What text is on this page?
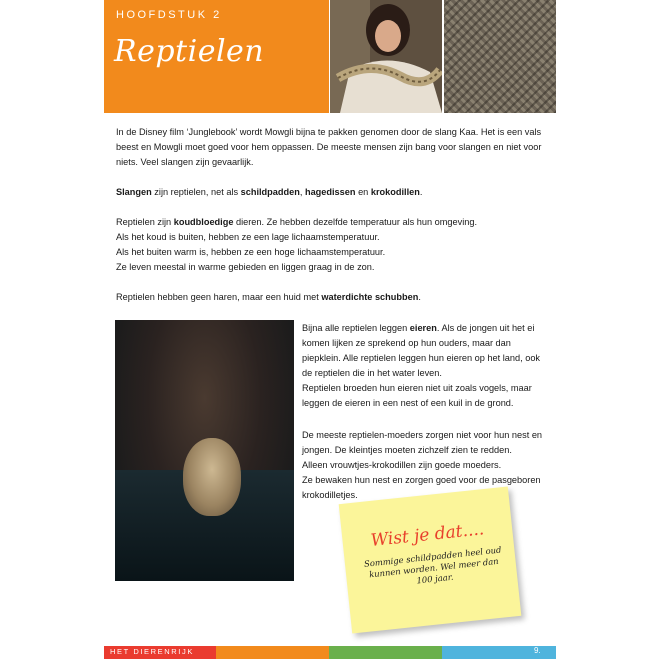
HOOFDSTUK 2
Reptielen
In de Disney film ‘Junglebook’ wordt Mowgli bijna te pakken genomen door de slang Kaa. Het is een vals beest en Mowgli moet goed voor hem oppassen. De meeste mensen zijn bang voor slangen en niet voor niets. Veel slangen zijn gevaarlijk.
Slangen zijn reptielen, net als schildpadden, hagedissen en krokodillen.
Reptielen zijn koudbloedige dieren. Ze hebben dezelfde temperatuur als hun omgeving.
Als het koud is buiten, hebben ze een lage lichaamstemperatuur.
Als het buiten warm is, hebben ze een hoge lichaamstemperatuur.
Ze leven meestal in warme gebieden en liggen graag in de zon.
Reptielen hebben geen haren, maar een huid met waterdichte schubben.
Bijna alle reptielen leggen eieren. Als de jongen uit het ei komen lijken ze sprekend op hun ouders, maar dan piepklein. Alle reptielen leggen hun eieren op het land, ook de reptielen die in het water leven.
Reptielen broeden hun eieren niet uit zoals vogels, maar leggen de eieren in een nest of een kuil in de grond.
De meeste reptielen-moeders zorgen niet voor hun nest en jongen. De kleintjes moeten zichzelf zien te redden.
Alleen vrouwtjes-krokodillen zijn goede moeders.
Ze bewaken hun nest en zorgen goed voor de pasgeboren krokodilletjes.
Wist je dat....
Sommige schildpadden heel oud kunnen worden. Wel meer dan 100 jaar.
HET DIERENRIJK	9.
